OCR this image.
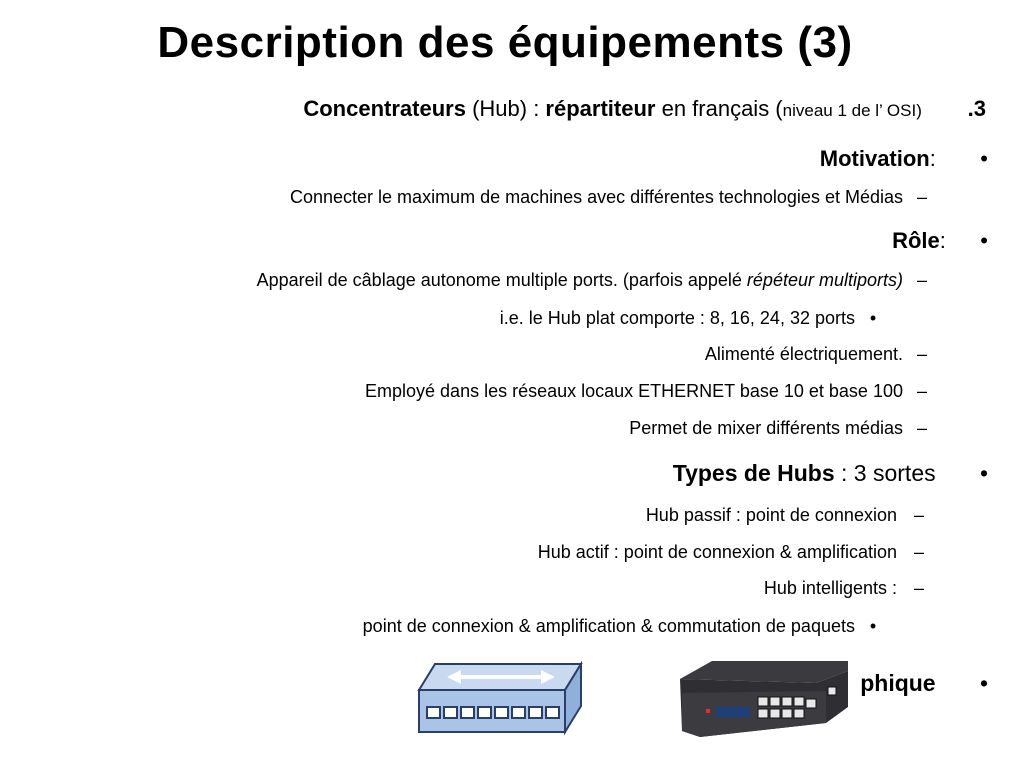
Description des équipements (3)

Concentrateurs (Hub) : répartiteur en français (niveau 1 de l’ OSI) .3

Motivation: •

Connecter le maximum de machines avec différentes technologies et Médias –

Rôle: •

Appareil de câblage autonome multiple ports. (parfois appelé répéteur multiports) –

i.e. le Hub plat comporte : 8, 16, 24, 32 ports •

Alimenté électriquement. –

Employé dans les réseaux locaux ETHERNET base 10 et base 100 –

Permet de mixer différents médias –

Types de Hubs : 3 sortes •

Hub passif : point de connexion –

Hub actif : point de connexion & amplification –

Hub intelligents : –

point de connexion & amplification & commutation de paquets •

phique •
